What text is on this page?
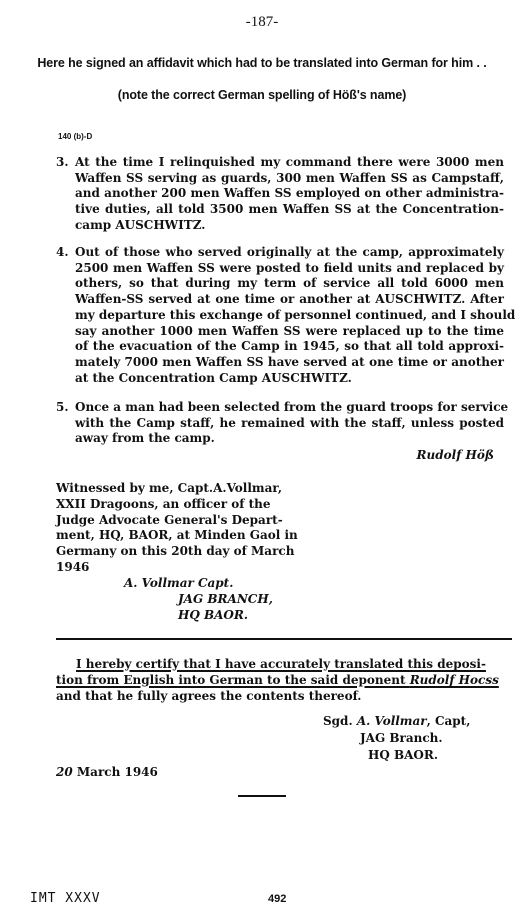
-187-
Here he signed an affidavit which had to be translated into German for him . .
(note the correct German spelling of Höß's name)
140 (b)-D
3. At the time I relinquished my command there were 3000 men
Waffen SS serving as guards, 300 men Waffen SS as Campstaff,
and another 200 men Waffen SS employed on other administra-
tive duties, all told 3500 men Waffen SS at the Concentration-
camp AUSCHWITZ.
4. Out of those who served originally at the camp, approximately
2500 men Waffen SS were posted to field units and replaced by
others, so that during my term of service all told 6000 men
Waffen-SS served at one time or another at AUSCHWITZ. After
my departure this exchange of personnel continued, and I should
say another 1000 men Waffen SS were replaced up to the time
of the evacuation of the Camp in 1945, so that all told approxi-
mately 7000 men Waffen SS have served at one time or another
at the Concentration Camp AUSCHWITZ.
5. Once a man had been selected from the guard troops for service
with the Camp staff, he remained with the staff, unless posted
away from the camp.
Rudolf Höß
Witnessed by me, Capt.A.Vollmar,
XXII Dragoons, an officer of the
Judge Advocate General's Depart-
ment, HQ, BAOR, at Minden Gaol in
Germany on this 20th day of March
1946
A. Vollmar Capt.
JAG BRANCH,
HQ BAOR.
I hereby certify that I have accurately translated this deposi-
tion from English into German to the said deponent Rudolf Hocss
and that he fully agrees the contents thereof.
Sgd. A. Vollmar, Capt,
JAG Branch.
HQ BAOR.
20 March 1946
IMT XXXV	492
